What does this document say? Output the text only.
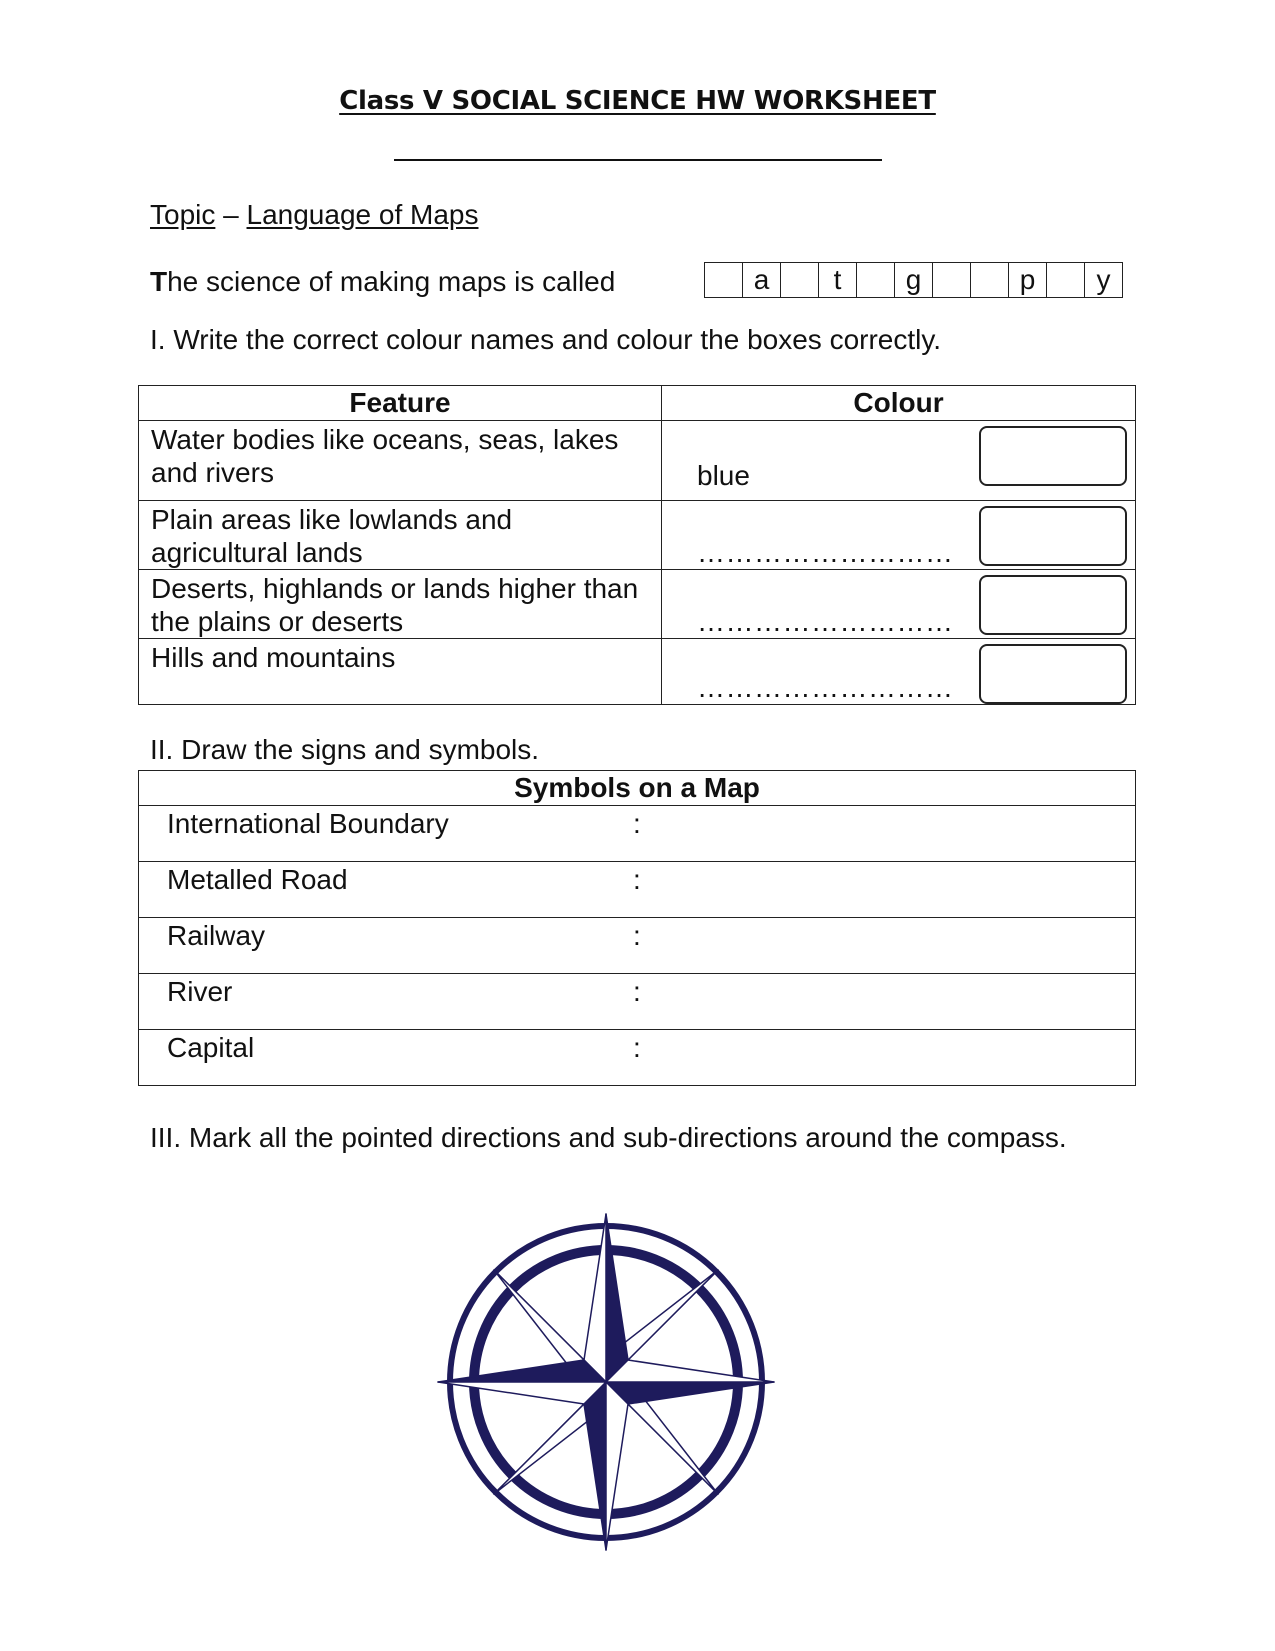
Class V SOCIAL SCIENCE HW WORKSHEET
Topic – Language of Maps
The science of making maps is called	a	t	g	p	y
I. Write the correct colour names and colour the boxes correctly.
Feature	Colour
Water bodies like oceans, seas, lakes and rivers	blue

Plain areas like lowlands and agricultural lands	………………………

Deserts, highlands or lands higher than the plains or deserts	………………………

Hills and mountains	………………………
II. Draw the signs and symbols.
Symbols on a Map

International Boundary	:

Metalled Road	:

Railway	:

River	:

Capital	:
III. Mark all the pointed directions and sub-directions around the compass.
